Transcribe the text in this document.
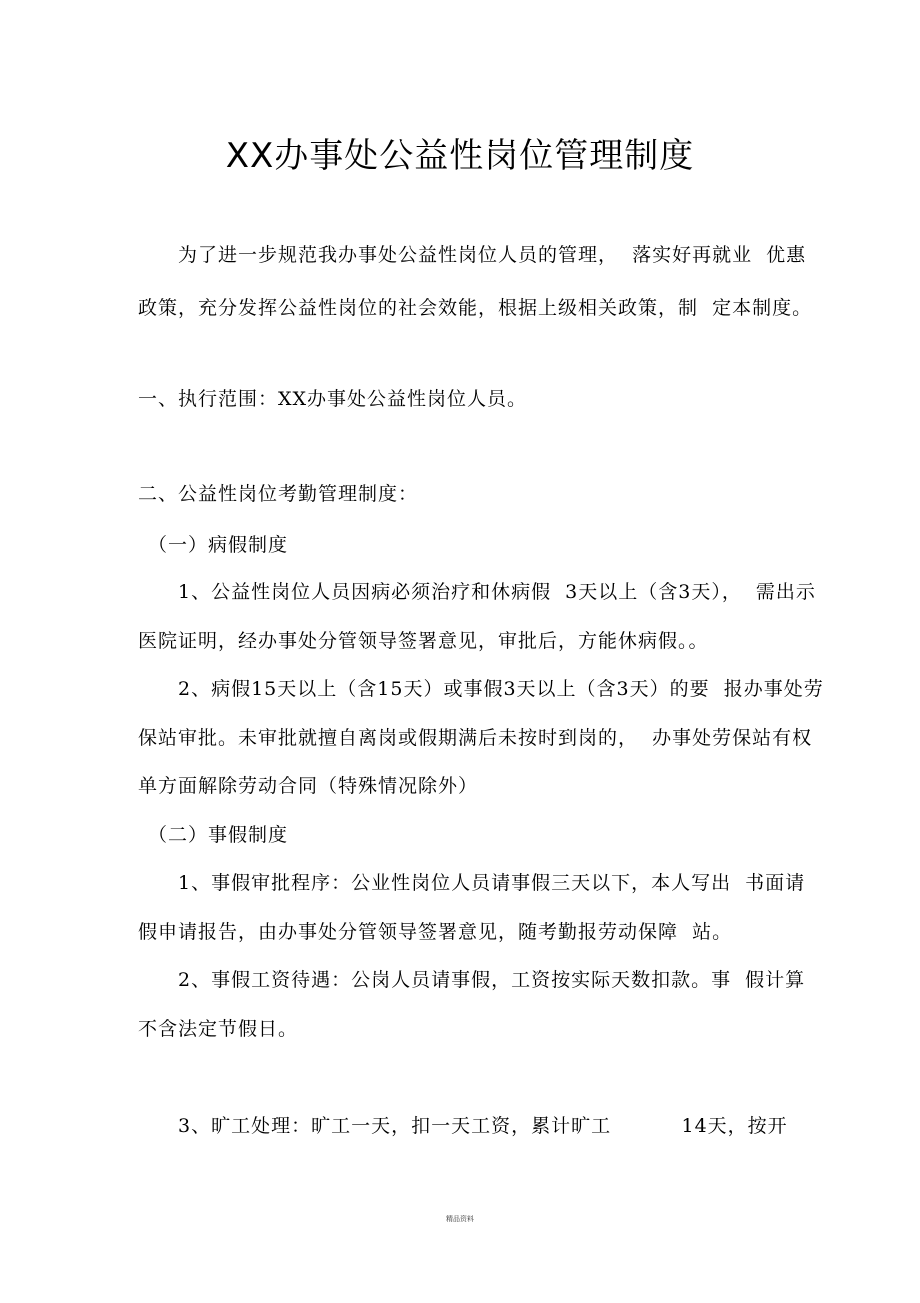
XX办事处公益性岗位管理制度
为了进一步规范我办事处公益性岗位人员的管理，  落实好再就业  优惠
政策，充分发挥公益性岗位的社会效能，根据上级相关政策，制  定本制度。
一、执行范围：XX办事处公益性岗位人员。
二、公益性岗位考勤管理制度：
（一）病假制度
1、公益性岗位人员因病必须治疗和休病假  3天以上（含3天），  需出示
医院证明，经办事处分管领导签署意见，审批后，方能休病假。。
2、病假15天以上（含15天）或事假3天以上（含3天）的要  报办事处劳
保站审批。未审批就擅自离岗或假期满后未按时到岗的，  办事处劳保站有权
单方面解除劳动合同（特殊情况除外）
（二）事假制度
1、事假审批程序：公业性岗位人员请事假三天以下，本人写出  书面请
假申请报告，由办事处分管领导签署意见，随考勤报劳动保障  站。
2、事假工资待遇：公岗人员请事假，工资按实际天数扣款。事  假计算
不含法定节假日。
3、旷工处理：旷工一天，扣一天工资，累计旷工          14天，按开
精品资料
